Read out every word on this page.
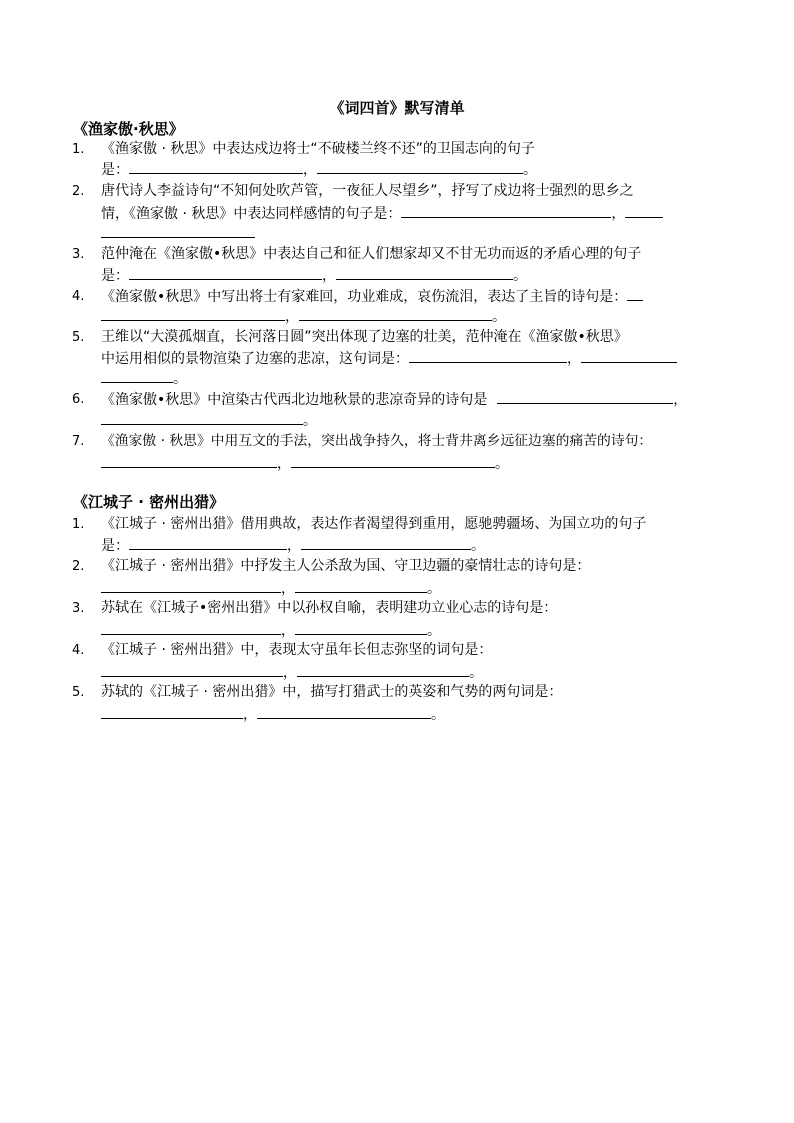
《词四首》默写清单
《渔家傲·秋思》
1. 《渔家傲 · 秋思》中表达戍边将士“不破楼兰终不还”的卫国志向的句子
是：	，	。
2. 唐代诗人李益诗句“不知何处吹芦管，一夜征人尽望乡”，抒写了戍边将士强烈的思乡之
情，《渔家傲 · 秋思》中表达同样感情的句子是：	，
3. 范仲淹在《渔家傲•秋思》中表达自己和征人们想家却又不甘无功而返的矛盾心理的句子
是：	，	。
4. 《渔家傲•秋思》中写出将士有家难回，功业难成，哀伤流泪，表达了主旨的诗句是：
，	。
5. 王维以“大漠孤烟直，长河落日圆”突出体现了边塞的壮美，范仲淹在《渔家傲•秋思》
中运用相似的景物渲染了边塞的悲凉，这句词是：	，
。
6. 《渔家傲•秋思》中渲染古代西北边地秋景的悲凉奇异的诗句是	，
。
7. 《渔家傲 · 秋思》中用互文的手法，突出战争持久，将士背井离乡远征边塞的痛苦的诗句：
，	。
《江城子 · 密州出猎》
1. 《江城子 · 密州出猎》借用典故，表达作者渴望得到重用，愿驰骋疆场、为国立功的句子
是：	，	。
2. 《江城子 · 密州出猎》中抒发主人公杀敌为国、守卫边疆的豪情壮志的诗句是：
，	。
3. 苏轼在《江城子•密州出猎》中以孙权自喻，表明建功立业心志的诗句是：
，	。
4. 《江城子 · 密州出猎》中，表现太守虽年长但志弥坚的词句是：
，	。
5. 苏轼的《江城子 · 密州出猎》中，描写打猎武士的英姿和气势的两句词是：
，	。
